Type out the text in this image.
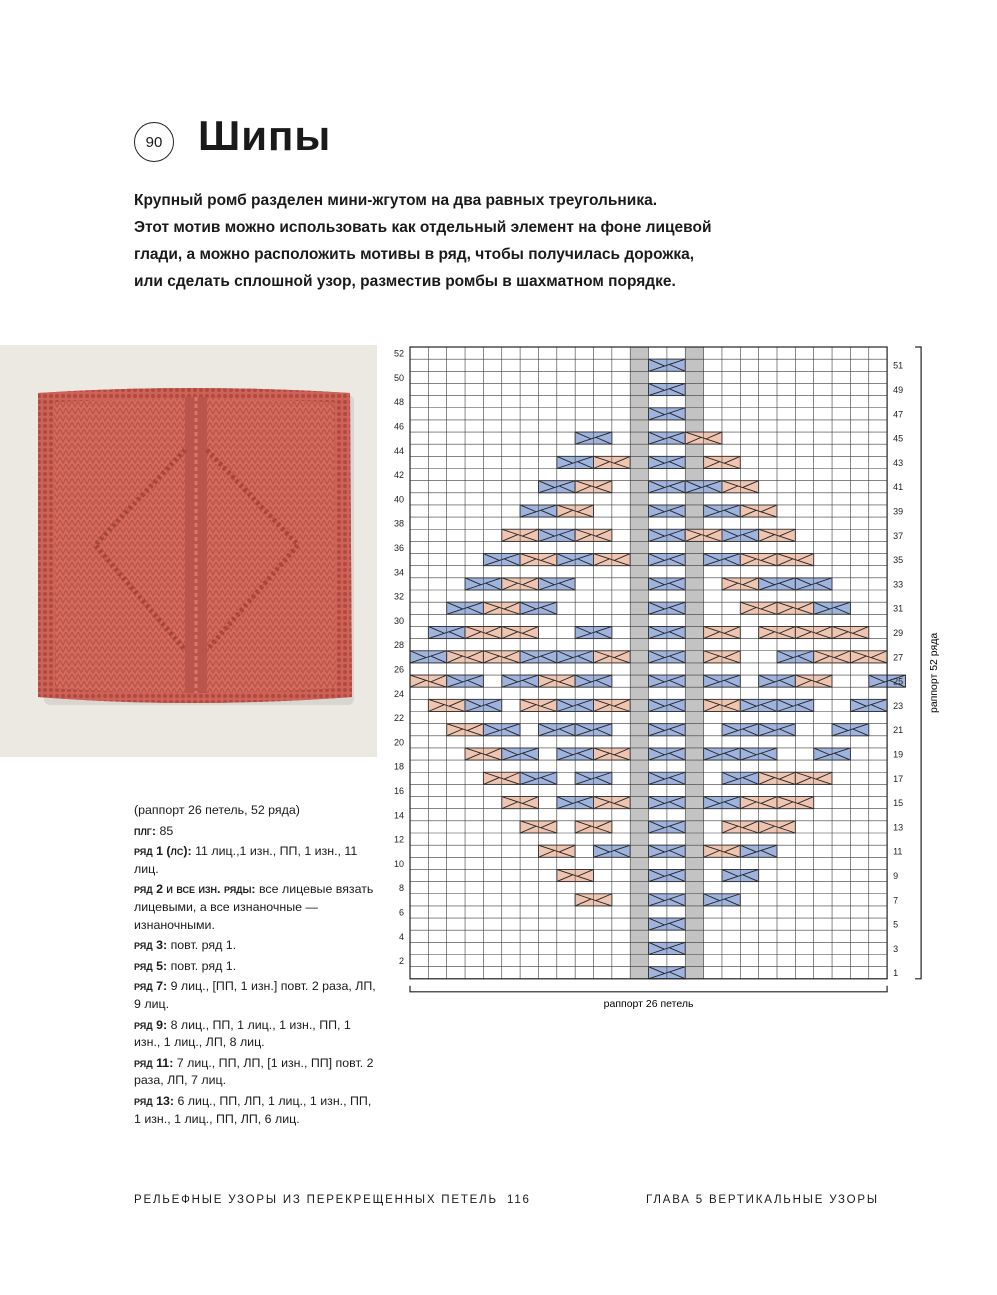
90 Шипы
Крупный ромб разделен мини-жгутом на два равных треугольника.
Этот мотив можно использовать как отдельный элемент на фоне лицевой
глади, а можно расположить мотивы в ряд, чтобы получилась дорожка,
или сделать сплошной узор, разместив ромбы в шахматном порядке.

(раппорт 26 петель, 52 ряда)

плг: 85

ряд 1 (лс): 11 лиц.,1 изн., ПП, 1 изн., 11 лиц.

ряд 2 и все изн. ряды: все лицевые вязать лицевыми, а все изнаночные — изнаночными.

ряд 3: повт. ряд 1.

ряд 5: повт. ряд 1.

ряд 7: 9 лиц., [ПП, 1 изн.] повт. 2 раза, ЛП, 9 лиц.

ряд 9: 8 лиц., ПП, 1 лиц., 1 изн., ПП, 1 изн., 1 лиц., ЛП, 8 лиц.

ряд 11: 7 лиц., ПП, ЛП, [1 изн., ПП] повт. 2 раза, ЛП, 7 лиц.

ряд 13: 6 лиц., ПП, ЛП, 1 лиц., 1 изн., ПП, 1 изн., 1 лиц., ПП, ЛП, 6 лиц.

2
4
6
8
10
12
14
16
18
20
22
24
26
28
30
32
34
36
38
40
42
44
46
48
50
52
1
3
5
7
9
11
13
15
17
19
21
23
25
27
29
31
33
35
37
39
41
43
45
47
49
51
раппорт 26 петель
раппорт 52 ряда
РЕЛЬЕФНЫЕ УЗОРЫ ИЗ ПЕРЕКРЕЩЕННЫХ ПЕТЕЛЬ 116	ГЛАВА 5 ВЕРТИКАЛЬНЫЕ УЗОРЫ
